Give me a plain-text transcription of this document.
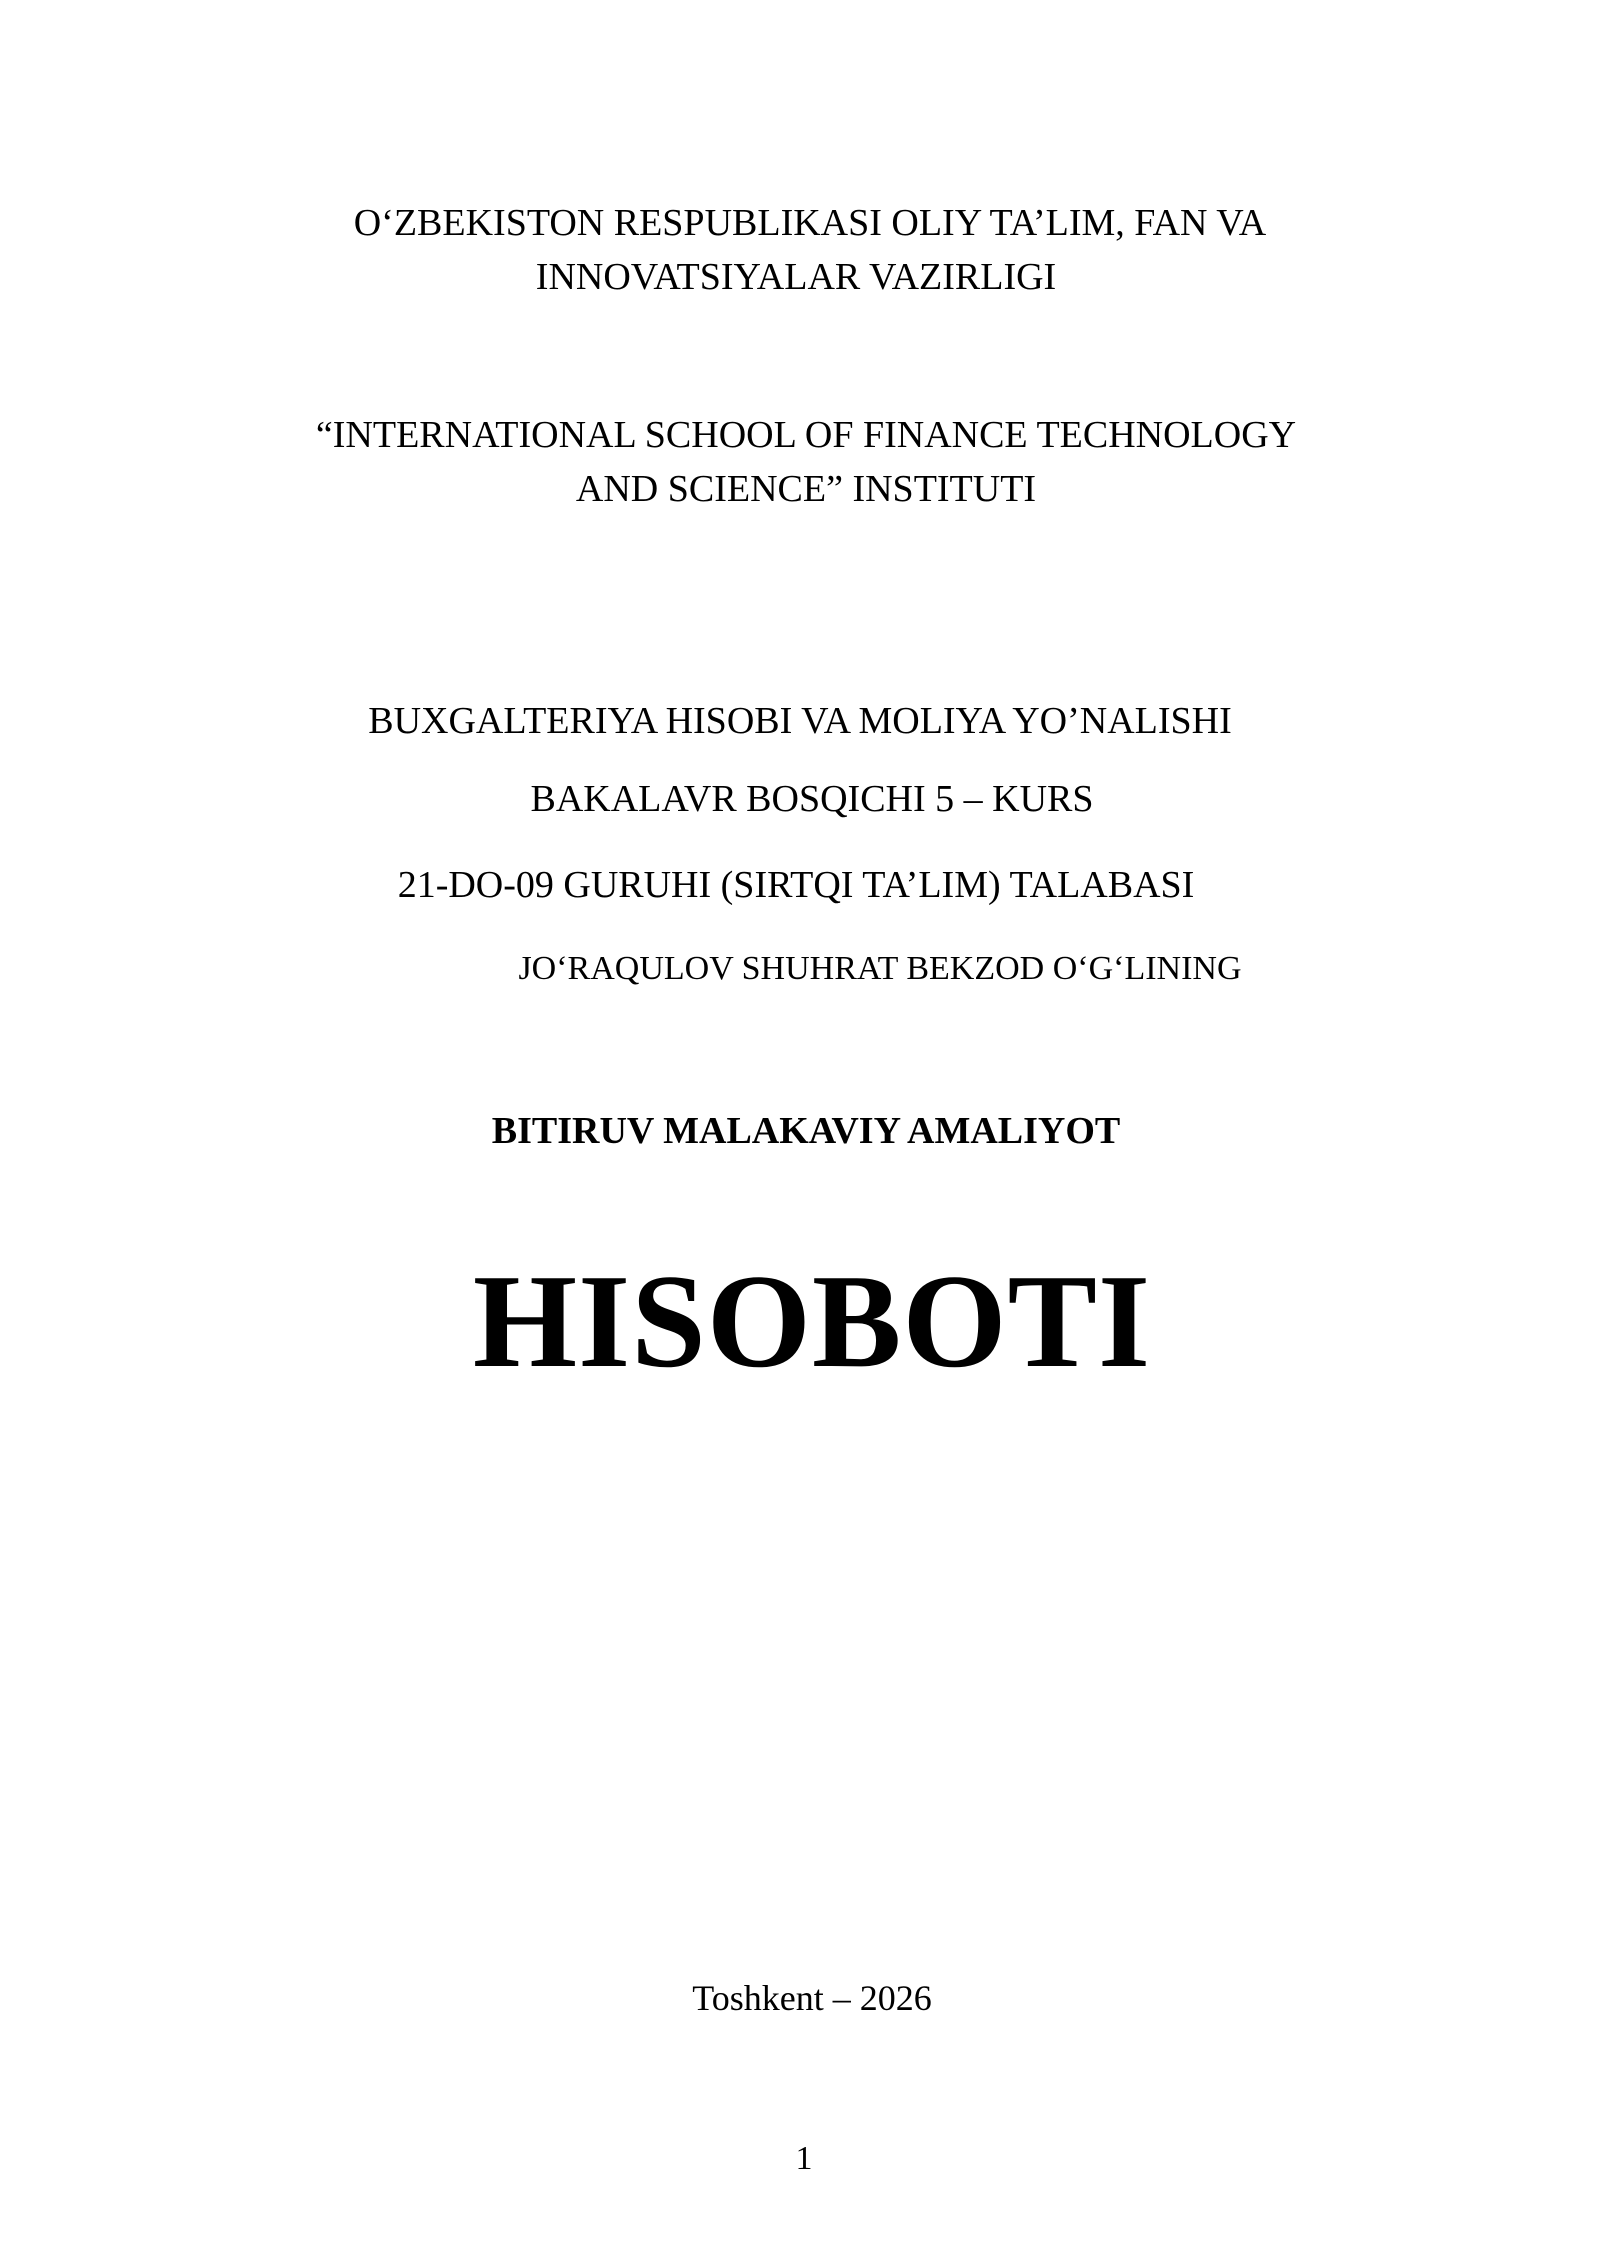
O‘ZBEKISTON RESPUBLIKASI OLIY TA’LIM, FAN VA
INNOVATSIYALAR VAZIRLIGI
“INTERNATIONAL SCHOOL OF FINANCE TECHNOLOGY
AND SCIENCE” INSTITUTI
BUXGALTERIYA HISOBI VA MOLIYA YO’NALISHI
BAKALAVR BOSQICHI 5 – KURS
21-DO-09 GURUHI (SIRTQI TA’LIM) TALABASI
JO‘RAQULOV SHUHRAT BEKZOD O‘G‘LINING
BITIRUV MALAKAVIY AMALIYOT
HISOBOTI
Toshkent – 2026
1
